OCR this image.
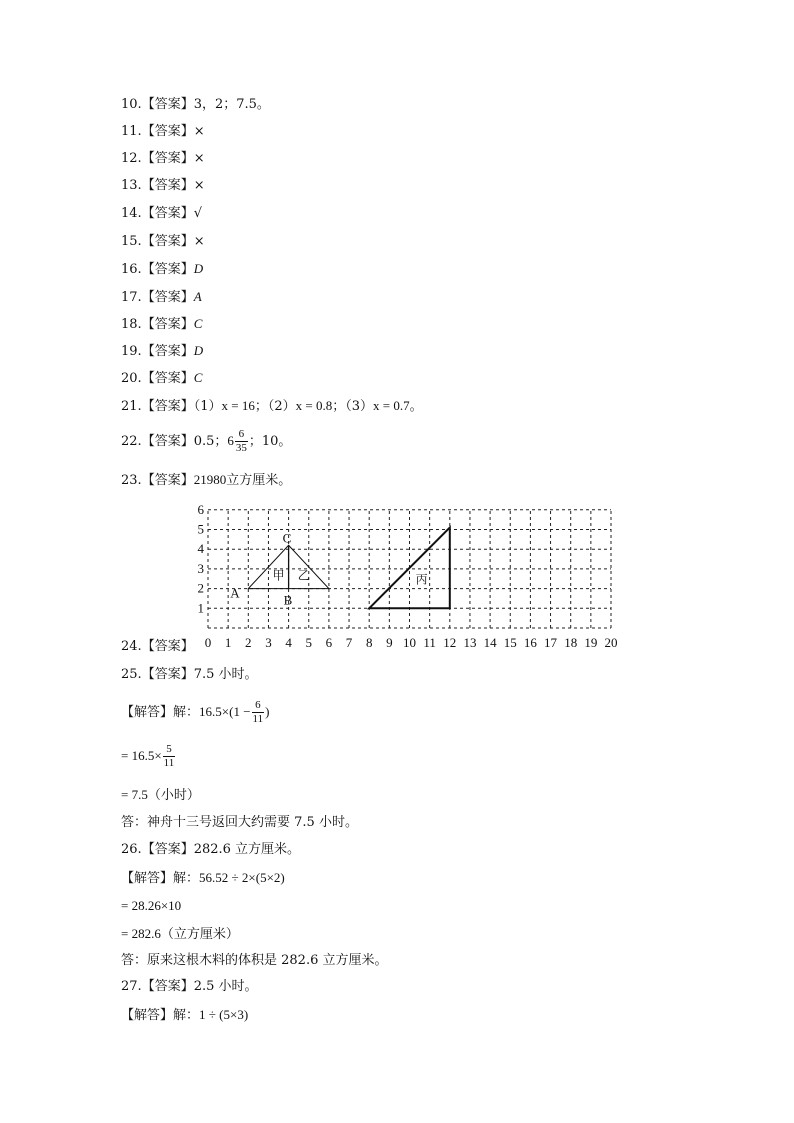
10.【答案】3，2；7.5。
11.【答案】×
12.【答案】×
13.【答案】×
14.【答案】√
15.【答案】×
16.【答案】D
17.【答案】A
18.【答案】C
19.【答案】D
20.【答案】C
21.【答案】（1）x = 16；（2）x = 0.8；（3）x = 0.7。
22.【答案】0.5；$6 \frac{6}{35}$ ；10。
23.【答案】21980立方厘米。
24.【答案】 0 1 2 3 4 5 6 7 8 9 10 11 12 13 14 15 16 17 18 19 20
1
2
3
4
5
6
A	B
C
甲 乙	丙
25.【答案】7.5 小时。
【解答】解：$16.5\times(1 - \frac{6}{11}$ )
= $16.5\times \frac{5}{11}$
= 7.5（小时）
答：神舟十三号返回大约需要 7.5 小时。
26.【答案】282.6 立方厘米。
【解答】解：56.52 ÷ 2×(5×2)
= 28.26×10
= 282.6（立方厘米）
答：原来这根木料的体积是 282.6 立方厘米。
27.【答案】2.5 小时。
【解答】解：1 ÷ (5×3)
